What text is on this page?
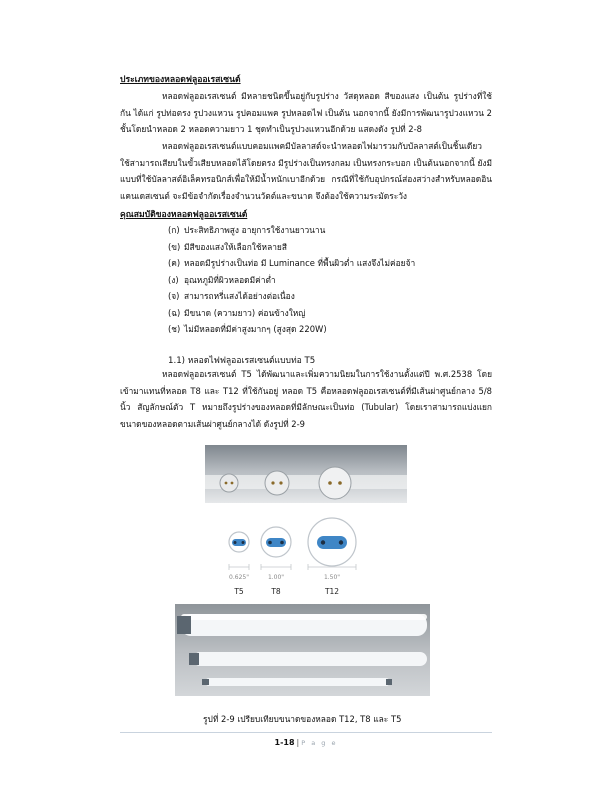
ประเภทของหลอดฟลูออเรสเซนต์
หลอดฟลูออเรสเซนต์ มีหลายชนิดขึ้นอยู่กับรูปร่าง วัสดุหลอด สีของแสง เป็นต้น รูปร่างที่ใช้กัน ได้แก่ รูปท่อตรง รูปวงแหวน รูปคอมแพค รูปหลอดไฟ เป็นต้น นอกจากนี้ ยังมีการพัฒนารูปวงแหวน 2 ชั้นโดยนำหลอด 2 หลอดความยาว 1 ชุดทำเป็นรูปวงแหวนอีกด้วย แสดงดัง รูปที่ 2-8
หลอดฟลูออเรสเซนต์แบบคอมแพคมีบัลลาสต์จะนำหลอดไฟมารวมกับบัลลาสต์เป็นชิ้นเดียว ใช้สามารถเสียบในขั้วเสียบหลอดไส้โดยตรง มีรูปร่างเป็นทรงกลม เป็นทรงกระบอก เป็นต้นนอกจากนี้ ยังมีแบบที่ใช้บัลลาสต์อิเล็คทรอนิกส์เพื่อให้มีน้ำหนักเบาอีกด้วย กรณีที่ใช้กับอุปกรณ์ส่องสว่างสำหรับหลอดอินแคนเดสเซนต์ จะมีข้อจำกัดเรื่องจำนวนวัตต์และขนาด จึงต้องใช้ความระมัดระวัง
คุณสมบัติของหลอดฟลูออเรสเซนต์
(ก) ประสิทธิภาพสูง อายุการใช้งานยาวนาน
(ข) มีสีของแสงให้เลือกใช้หลายสี
(ค) หลอดมีรูปร่างเป็นท่อ มี Luminance ที่พื้นผิวต่ำ แสงจึงไม่ค่อยจ้า
(ง) อุณหภูมิที่ผิวหลอดมีค่าต่ำ
(จ) สามารถหรี่แสงได้อย่างต่อเนื่อง
(ฉ) มีขนาด (ความยาว) ค่อนข้างใหญ่
(ช) ไม่มีหลอดที่มีค่าสูงมากๆ (สูงสุด 220W)
1.1) หลอดไฟฟลูออเรสเซนต์แบบท่อ T5
หลอดฟลูออเรสเซนต์ T5 ได้พัฒนาและเพิ่มความนิยมในการใช้งานตั้งแต่ปี พ.ศ.2538 โดยเข้ามาแทนที่หลอด T8 และ T12 ที่ใช้กันอยู่ หลอด T5 คือหลอดฟลูออเรสเซนต์ที่มีเส้นผ่าศูนย์กลาง 5/8 นิ้ว สัญลักษณ์ตัว T หมายถึงรูปร่างของหลอดที่มีลักษณะเป็นท่อ (Tubular) โดยเราสามารถแบ่งแยกขนาดของหลอดตามเส้นผ่าศูนย์กลางได้ ดังรูปที่ 2-9
0.625"	1.00"	1.50"
T5	T8	T12
รูปที่ 2-9 เปรียบเทียบขนาดของหลอด T12, T8 และ T5
1-18 | P a g e
